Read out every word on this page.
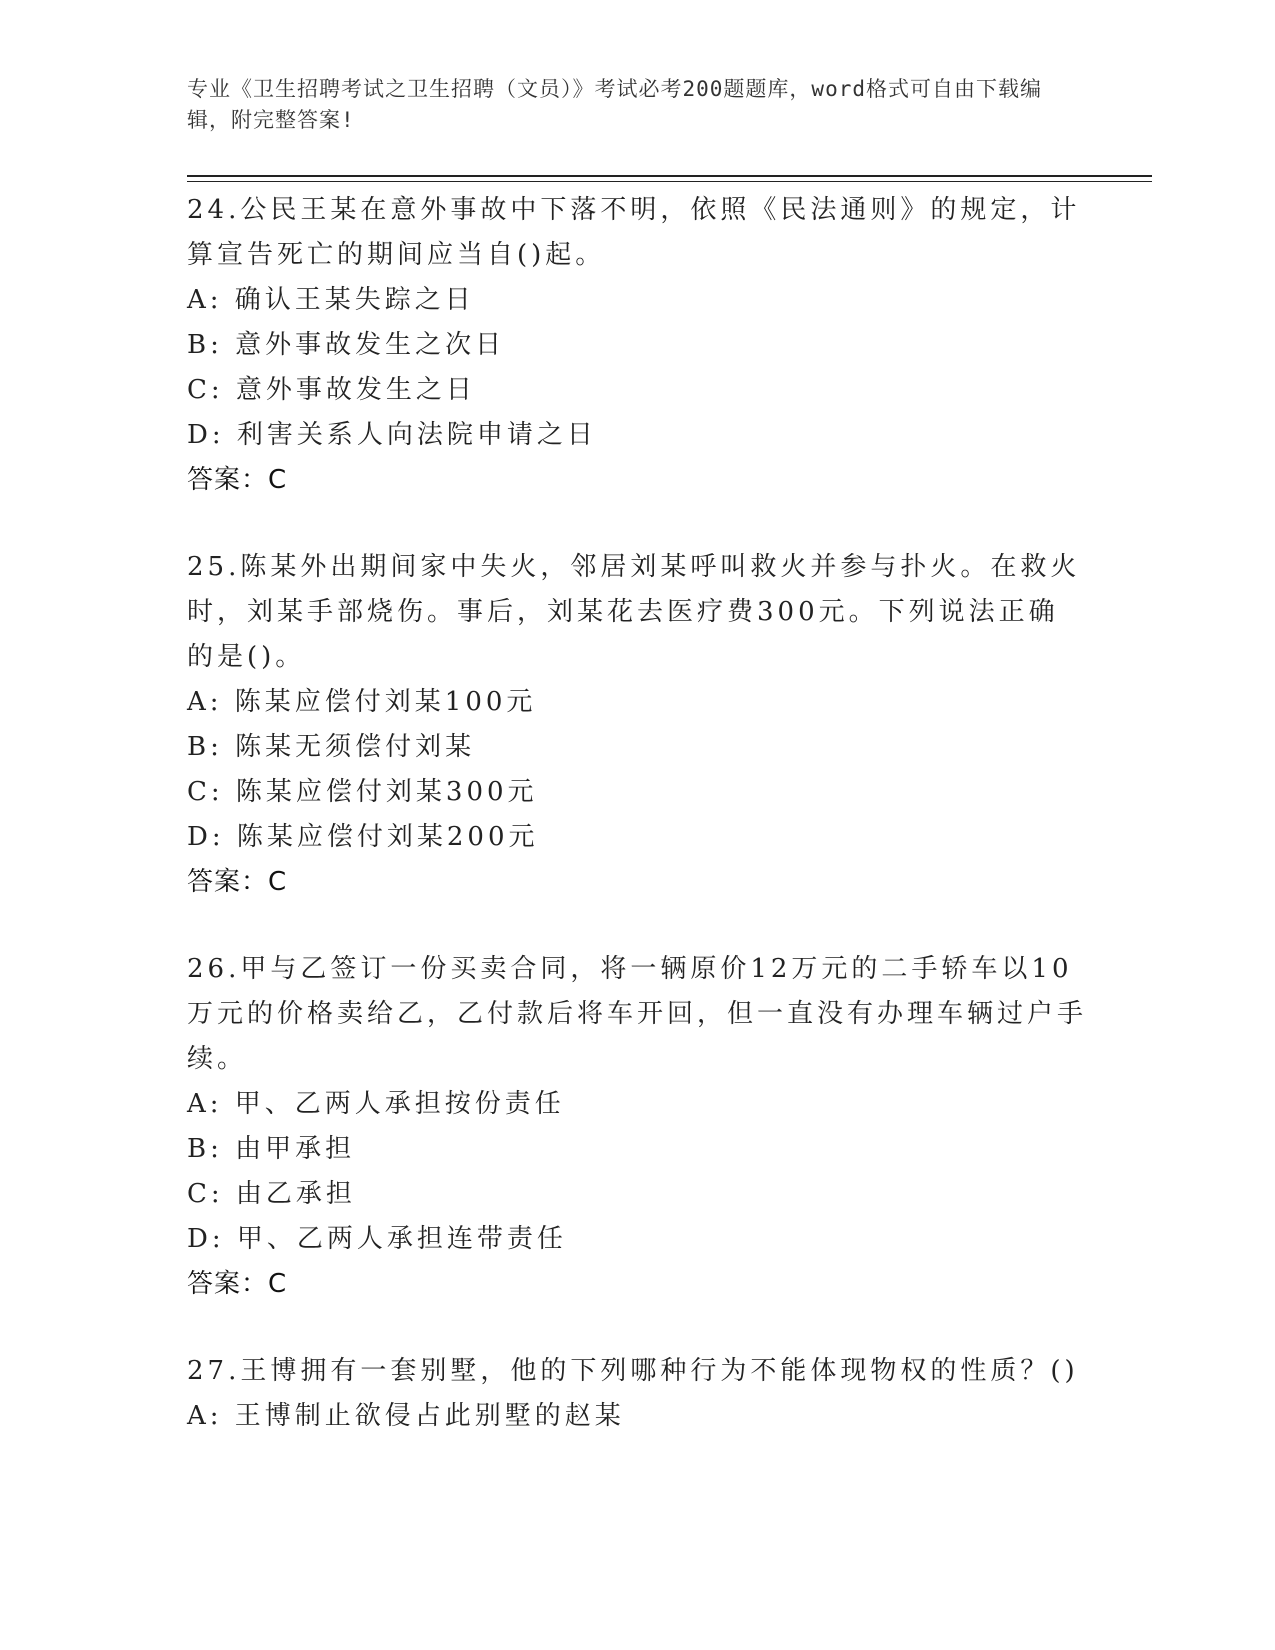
专业《卫生招聘考试之卫生招聘（文员）》考试必考200题题库，word格式可自由下载编辑，附完整答案!
24.公民王某在意外事故中下落不明，依照《民法通则》的规定，计算宣告死亡的期间应当自()起。
A: 确认王某失踪之日
B: 意外事故发生之次日
C: 意外事故发生之日
D: 利害关系人向法院申请之日
答案：C
25.陈某外出期间家中失火，邻居刘某呼叫救火并参与扑火。在救火时，刘某手部烧伤。事后，刘某花去医疗费300元。下列说法正确的是()。
A: 陈某应偿付刘某100元
B: 陈某无须偿付刘某
C: 陈某应偿付刘某300元
D: 陈某应偿付刘某200元
答案：C
26.甲与乙签订一份买卖合同，将一辆原价12万元的二手轿车以10万元的价格卖给乙，乙付款后将车开回，但一直没有办理车辆过户手续。
A: 甲、乙两人承担按份责任
B: 由甲承担
C: 由乙承担
D: 甲、乙两人承担连带责任
答案：C
27.王博拥有一套别墅，他的下列哪种行为不能体现物权的性质？()
A: 王博制止欲侵占此别墅的赵某
